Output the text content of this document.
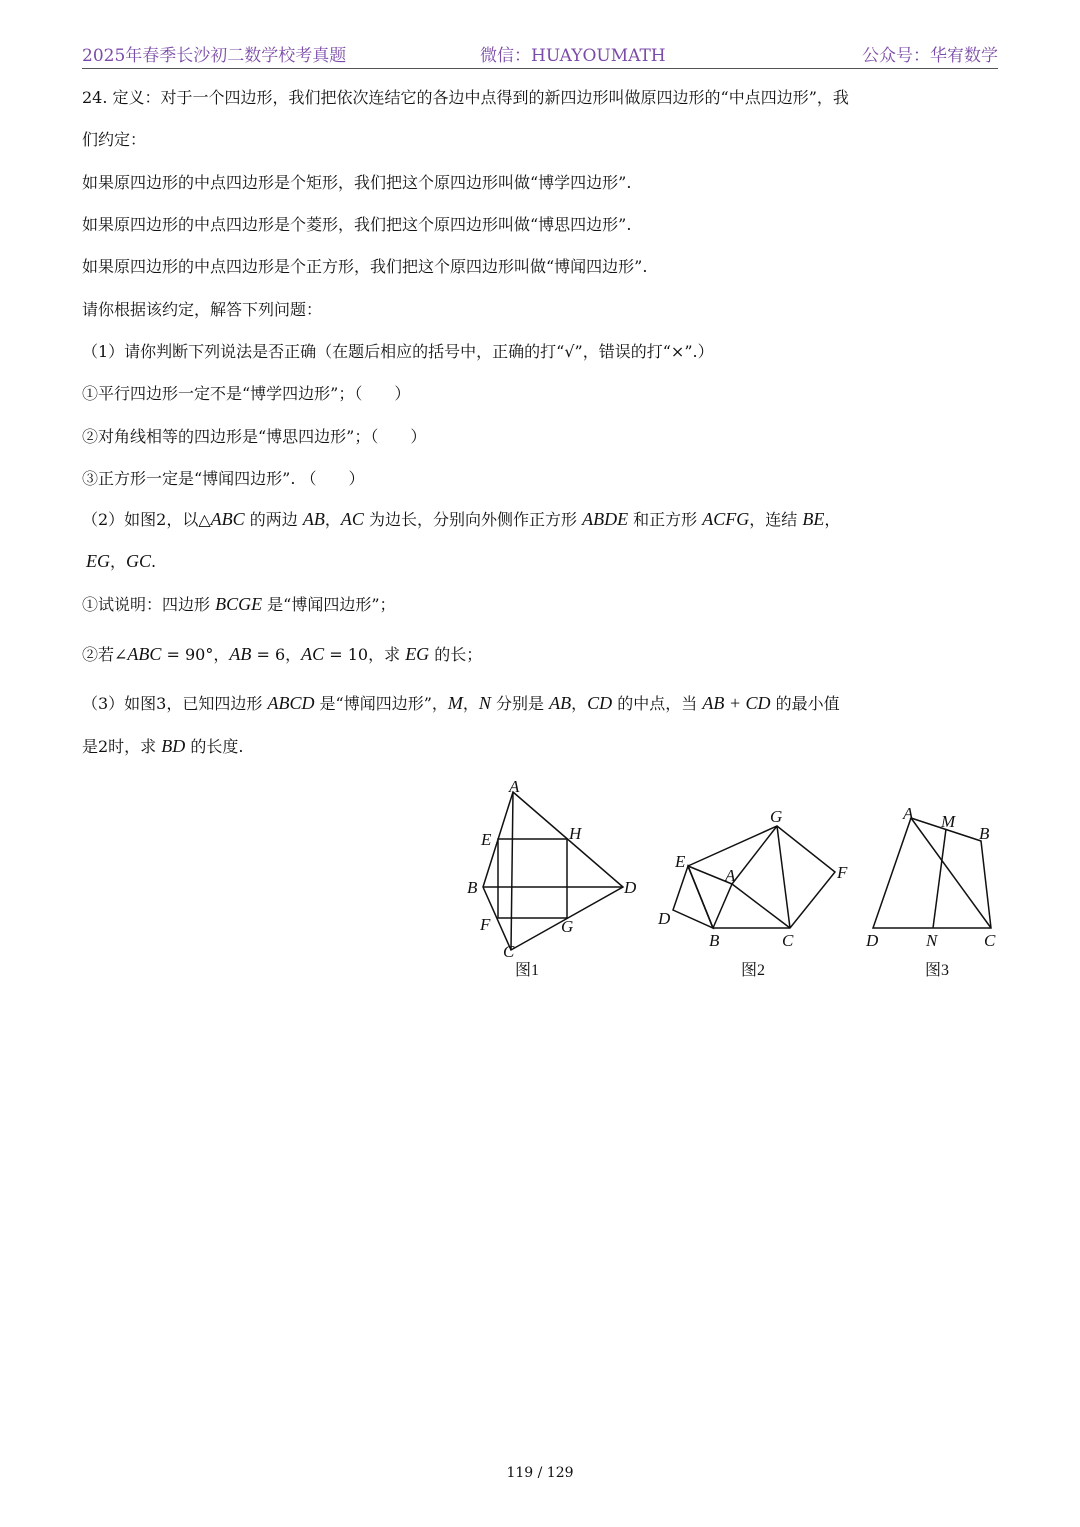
2025年春季长沙初二数学校考真题	微信：HUAYOUMATH	公众号：华宥数学
24. 定义：对于一个四边形，我们把依次连结它的各边中点得到的新四边形叫做原四边形的“中点四边形”，我
们约定：
如果原四边形的中点四边形是个矩形，我们把这个原四边形叫做“博学四边形”.
如果原四边形的中点四边形是个菱形，我们把这个原四边形叫做“博思四边形”.
如果原四边形的中点四边形是个正方形，我们把这个原四边形叫做“博闻四边形”.
请你根据该约定，解答下列问题：
（1）请你判断下列说法是否正确（在题后相应的括号中，正确的打“√”，错误的打“×”.）
①平行四边形一定不是“博学四边形”；（　　）
②对角线相等的四边形是“博思四边形”；（　　）
③正方形一定是“博闻四边形”. （　　）
（2）如图2，以△ABC 的两边 AB，AC 为边长，分别向外侧作正方形 ABDE 和正方形 ACFG，连结 BE，
EG，GC.
①试说明：四边形 BCGE 是“博闻四边形”；
②若∠ABC = 90°，AB = 6，AC = 10，求 EG 的长；
（3）如图3，已知四边形 ABCD 是“博闻四边形”，M，N 分别是 AB，CD 的中点，当 AB + CD 的最小值
是2时，求 BD 的长度.
A
B
C
D
E
F	G
H
图1
A
B	C
D
E
F
G
图2
A M
B
D	N	C
图3
119 / 129
